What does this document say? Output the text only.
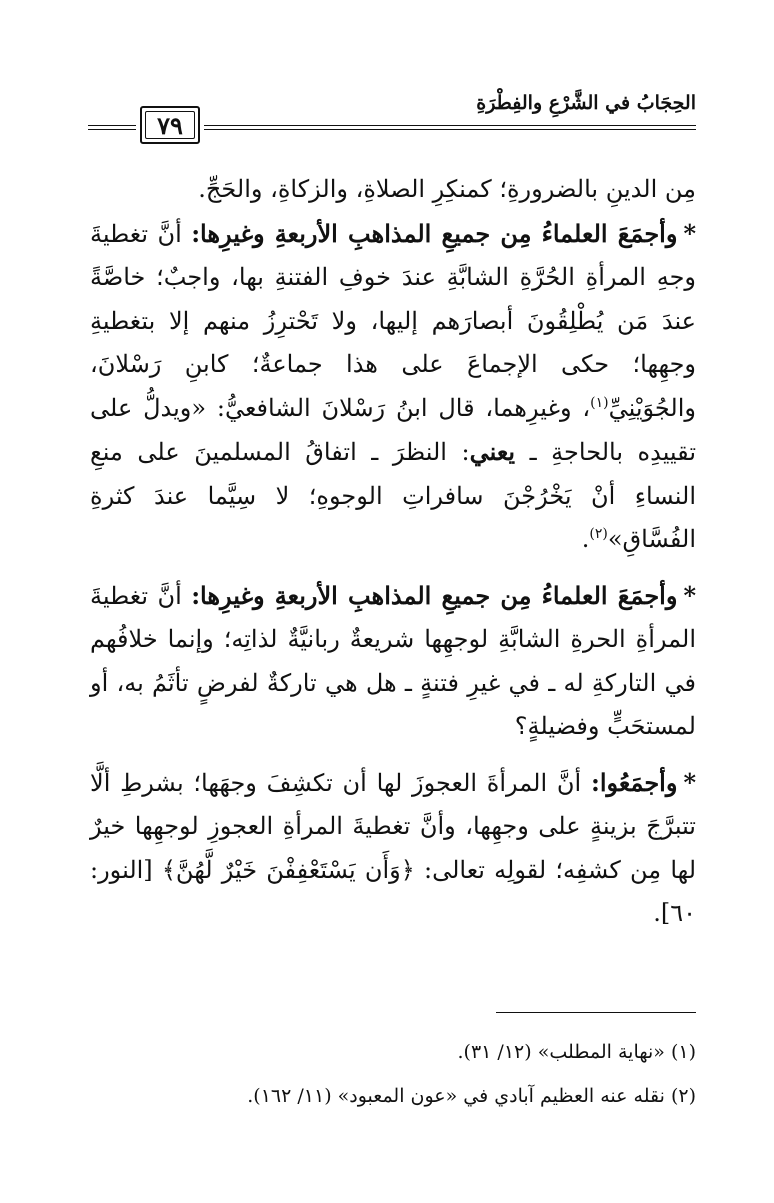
الحِجَابُ في الشَّرْعِ والفِطْرَةِ
٧٩

مِن الدينِ بالضرورةِ؛ كمنكِرِ الصلاةِ، والزكاةِ، والحَجِّ.

*وأجمَعَ العلماءُ مِن جميعِ المذاهبِ الأربعةِ وغيرِها: أنَّ تغطيةَ وجهِ المرأةِ الحُرَّةِ الشابَّةِ عندَ خوفِ الفتنةِ بها، واجبٌ؛ خاصَّةً عندَ مَن يُطْلِقُونَ أبصارَهم إليها، ولا تَحْترِزُ منهم إلا بتغطيةِ وجهِها؛ حكى الإجماعَ على هذا جماعةٌ؛ كابنِ رَسْلانَ، والجُوَيْنِيِّ$^{(١)}$، وغيرِهما، قال ابنُ رَسْلانَ الشافعيُّ: «ويدلُّ على تقييدِه بالحاجةِ ـ يعني: النظرَ ـ اتفاقُ المسلمينَ على منعِ النساءِ أنْ يَخْرُجْنَ سافراتِ الوجوهِ؛ لا سِيَّما عندَ كثرةِ الفُسَّاقِ»$^{(٢)}$.

*وأجمَعَ العلماءُ مِن جميعِ المذاهبِ الأربعةِ وغيرِها: أنَّ تغطيةَ المرأةِ الحرةِ الشابَّةِ لوجهِها شريعةٌ ربانيَّةٌ لذاتِه؛ وإنما خلافُهم في التاركةِ له ـ في غيرِ فتنةٍ ـ هل هي تاركةٌ لفرضٍ تأثَمُ به، أو لمستحَبٍّ وفضيلةٍ؟

*وأجمَعُوا: أنَّ المرأةَ العجوزَ لها أن تكشِفَ وجهَها؛ بشرطِ ألَّا تتبرَّجَ بزينةٍ على وجهِها، وأنَّ تغطيةَ المرأةِ العجوزِ لوجهِها خيرٌ لها مِن كشفِه؛ لقولِه تعالى: ﴿وَأَن يَسْتَعْفِفْنَ خَيْرٌ لَّهُنَّ﴾ [النور: ٦٠].

(١) «نهاية المطلب» (١٢/ ٣١).
(٢) نقله عنه العظيم آبادي في «عون المعبود» (١١/ ١٦٢).
